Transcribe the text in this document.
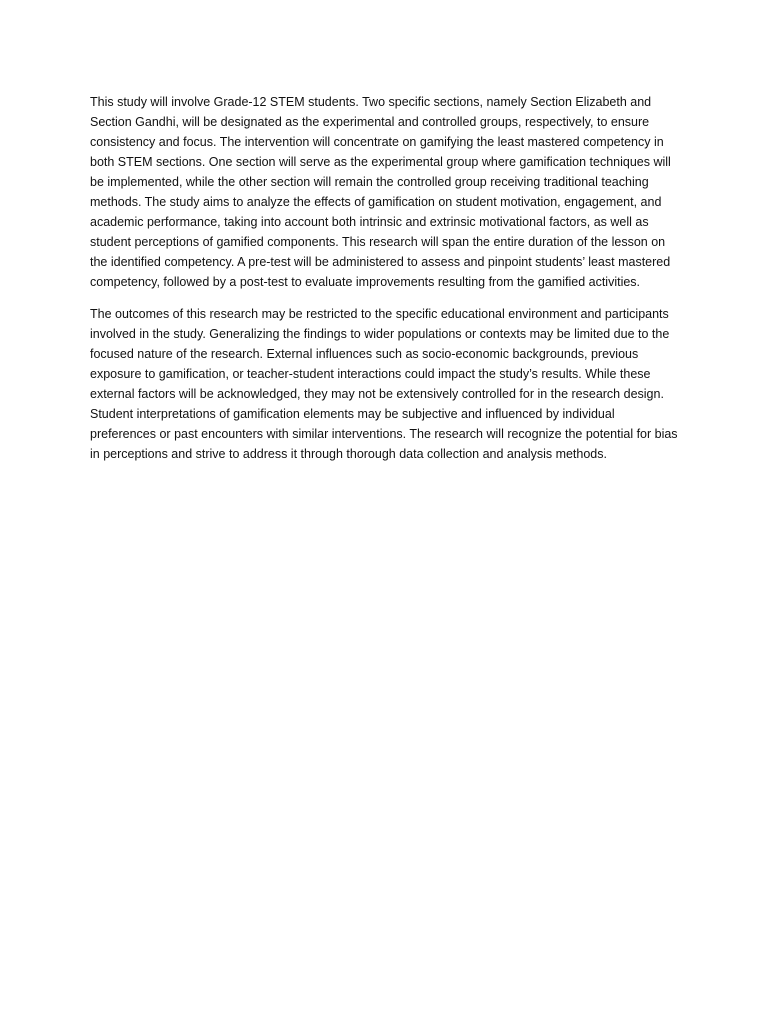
This study will involve Grade-12 STEM students. Two specific sections, namely Section Elizabeth and Section Gandhi, will be designated as the experimental and controlled groups, respectively, to ensure consistency and focus. The intervention will concentrate on gamifying the least mastered competency in both STEM sections. One section will serve as the experimental group where gamification techniques will be implemented, while the other section will remain the controlled group receiving traditional teaching methods. The study aims to analyze the effects of gamification on student motivation, engagement, and academic performance, taking into account both intrinsic and extrinsic motivational factors, as well as student perceptions of gamified components. This research will span the entire duration of the lesson on the identified competency. A pre-test will be administered to assess and pinpoint students’ least mastered competency, followed by a post-test to evaluate improvements resulting from the gamified activities.

The outcomes of this research may be restricted to the specific educational environment and participants involved in the study. Generalizing the findings to wider populations or contexts may be limited due to the focused nature of the research. External influences such as socio-economic backgrounds, previous exposure to gamification, or teacher-student interactions could impact the study’s results. While these external factors will be acknowledged, they may not be extensively controlled for in the research design. Student interpretations of gamification elements may be subjective and influenced by individual preferences or past encounters with similar interventions. The research will recognize the potential for bias in perceptions and strive to address it through thorough data collection and analysis methods.
